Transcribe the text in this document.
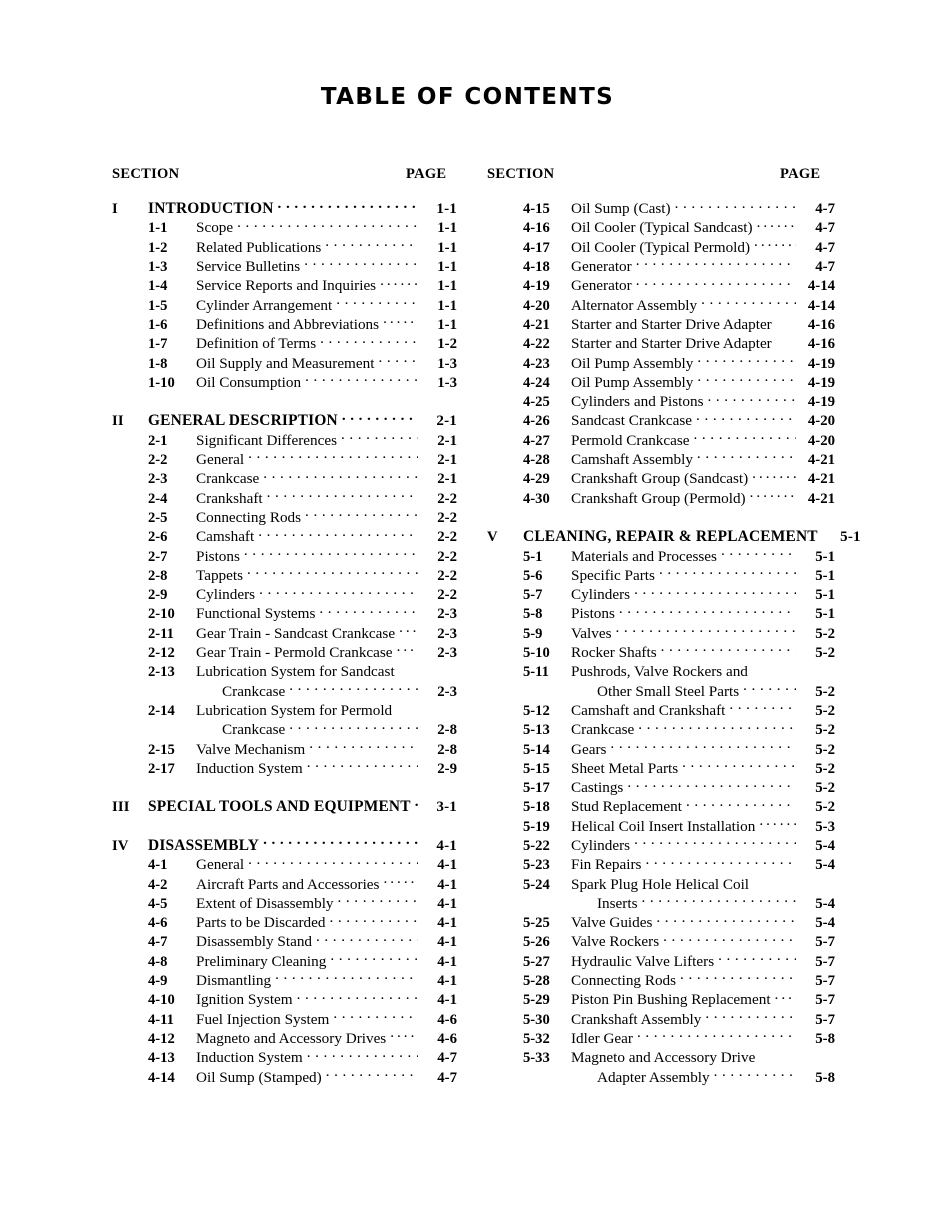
TABLE OF CONTENTS
SECTION	PAGE	SECTION	PAGE
I	INTRODUCTION . . .	1-1
1-1	Scope . . .	1-1
1-2	Related Publications . . .	1-1
1-3	Service Bulletins . . .	1-1
1-4	Service Reports and Inquiries . . .	1-1
1-5	Cylinder Arrangement . . .	1-1
1-6	Definitions and Abbreviations . . .	1-1
1-7	Definition of Terms . . .	1-2
1-8	Oil Supply and Measurement . . .	1-3
1-10	Oil Consumption . . .	1-3
II	GENERAL DESCRIPTION . . .	2-1
2-1	Significant Differences . . .	2-1
2-2	General . . .	2-1
2-3	Crankcase . . .	2-1
2-4	Crankshaft . . .	2-2
2-5	Connecting Rods . . .	2-2
2-6	Camshaft . . .	2-2
2-7	Pistons . . .	2-2
2-8	Tappets . . .	2-2
2-9	Cylinders . . .	2-2
2-10	Functional Systems . . .	2-3
2-11	Gear Train - Sandcast Crankcase . . .	2-3
2-12	Gear Train - Permold Crankcase . . .	2-3
2-13	Lubrication System for Sandcast
Crankcase . . .	2-3
2-14	Lubrication System for Permold
Crankcase . . .	2-8
2-15	Valve Mechanism . . .	2-8
2-17	Induction System . . .	2-9
III	SPECIAL TOOLS AND EQUIPMENT . . .	3-1
IV	DISASSEMBLY . . .	4-1
4-1	General . . .	4-1
4-2	Aircraft Parts and Accessories . . .	4-1
4-5	Extent of Disassembly . . .	4-1
4-6	Parts to be Discarded . . .	4-1
4-7	Disassembly Stand . . .	4-1
4-8	Preliminary Cleaning . . .	4-1
4-9	Dismantling . . .	4-1
4-10	Ignition System . . .	4-1
4-11	Fuel Injection System . . .	4-6
4-12	Magneto and Accessory Drives . . .	4-6
4-13	Induction System . . .	4-7
4-14	Oil Sump (Stamped) . . .	4-7
4-15	Oil Sump (Cast) . . .	4-7
4-16	Oil Cooler (Typical Sandcast) . . .	4-7
4-17	Oil Cooler (Typical Permold) . . .	4-7
4-18	Generator . . .	4-7
4-19	Generator . . .	4-14
4-20	Alternator Assembly . . .	4-14
4-21	Starter and Starter Drive Adapter	4-16
4-22	Starter and Starter Drive Adapter	4-16
4-23	Oil Pump Assembly . . .	4-19
4-24	Oil Pump Assembly . . .	4-19
4-25	Cylinders and Pistons . . .	4-19
4-26	Sandcast Crankcase . . .	4-20
4-27	Permold Crankcase . . .	4-20
4-28	Camshaft Assembly . . .	4-21
4-29	Crankshaft Group (Sandcast) . . .	4-21
4-30	Crankshaft Group (Permold) . . .	4-21
V	CLEANING, REPAIR & REPLACEMENT	5-1
5-1	Materials and Processes . . .	5-1
5-6	Specific Parts . . .	5-1
5-7	Cylinders . . .	5-1
5-8	Pistons . . .	5-1
5-9	Valves . . .	5-2
5-10	Rocker Shafts . . .	5-2
5-11	Pushrods, Valve Rockers and
Other Small Steel Parts . . .	5-2
5-12	Camshaft and Crankshaft . . .	5-2
5-13	Crankcase . . .	5-2
5-14	Gears . . .	5-2
5-15	Sheet Metal Parts . . .	5-2
5-17	Castings . . .	5-2
5-18	Stud Replacement . . .	5-2
5-19	Helical Coil Insert Installation . . .	5-3
5-22	Cylinders . . .	5-4
5-23	Fin Repairs . . .	5-4
5-24	Spark Plug Hole Helical Coil
Inserts . . .	5-4
5-25	Valve Guides . . .	5-4
5-26	Valve Rockers . . .	5-7
5-27	Hydraulic Valve Lifters . . .	5-7
5-28	Connecting Rods . . .	5-7
5-29	Piston Pin Bushing Replacement . . .	5-7
5-30	Crankshaft Assembly . . .	5-7
5-32	Idler Gear . . .	5-8
5-33	Magneto and Accessory Drive
Adapter Assembly . . .	5-8
